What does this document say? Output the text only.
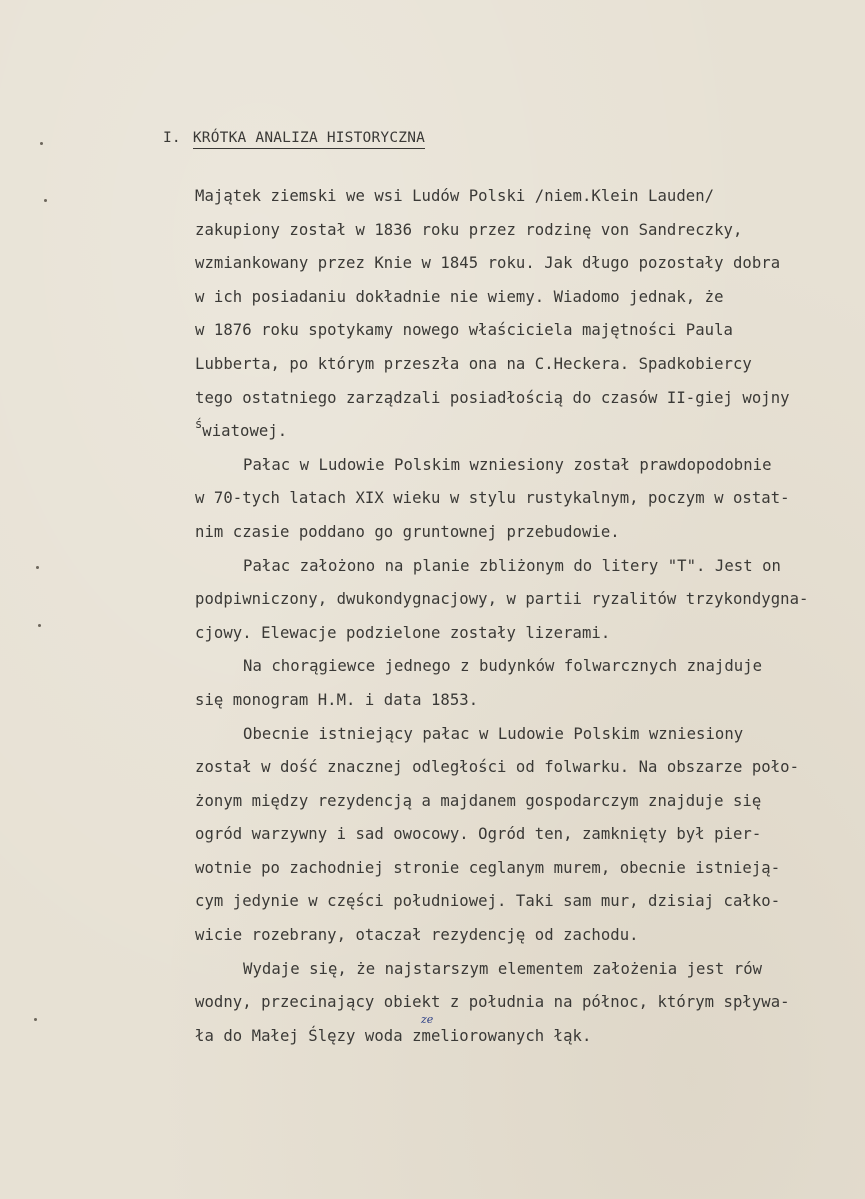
I. KRÓTKA ANALIZA HISTORYCZNA
Majątek ziemski we wsi Ludów Polski /niem.Klein Lauden/
zakupiony został w 1836 roku przez rodzinę von Sandreczky,
wzmiankowany przez Knie w 1845 roku. Jak długo pozostały dobra
w ich posiadaniu dokładnie nie wiemy. Wiadomo jednak, że
w 1876 roku spotykamy nowego właściciela majętności Paula
Lubberta, po którym przeszła ona na C.Heckera. Spadkobiercy
tego ostatniego zarządzali posiadłością do czasów II-giej wojny
$^ś$wiatowej.
Pałac w Ludowie Polskim wzniesiony został prawdopodobnie
w 70-tych latach XIX wieku w stylu rustykalnym, poczym w ostat-
nim czasie poddano go gruntownej przebudowie.
Pałac założono na planie zbliżonym do litery "T". Jest on
podpiwniczony, dwukondygnacjowy, w partii ryzalitów trzykondygna-
cjowy. Elewacje podzielone zostały lizerami.
Na chorągiewce jednego z budynków folwarcznych znajduje
się monogram H.M. i data 1853.
Obecnie istniejący pałac w Ludowie Polskim wzniesiony
został w dość znacznej odległości od folwarku. Na obszarze poło-
żonym między rezydencją a majdanem gospodarczym znajduje się
ogród warzywny i sad owocowy. Ogród ten, zamknięty był pier-
wotnie po zachodniej stronie ceglanym murem, obecnie istnieją-
cym jedynie w części południowej. Taki sam mur, dzisiaj całko-
wicie rozebrany, otaczał rezydencję od zachodu.
Wydaje się, że najstarszym elementem założenia jest rów
wodny, przecinający obiekt z południa na północ, którym spływa-
ła do Małej Ślęzy woda zmeliorowanych łąk.
ze
